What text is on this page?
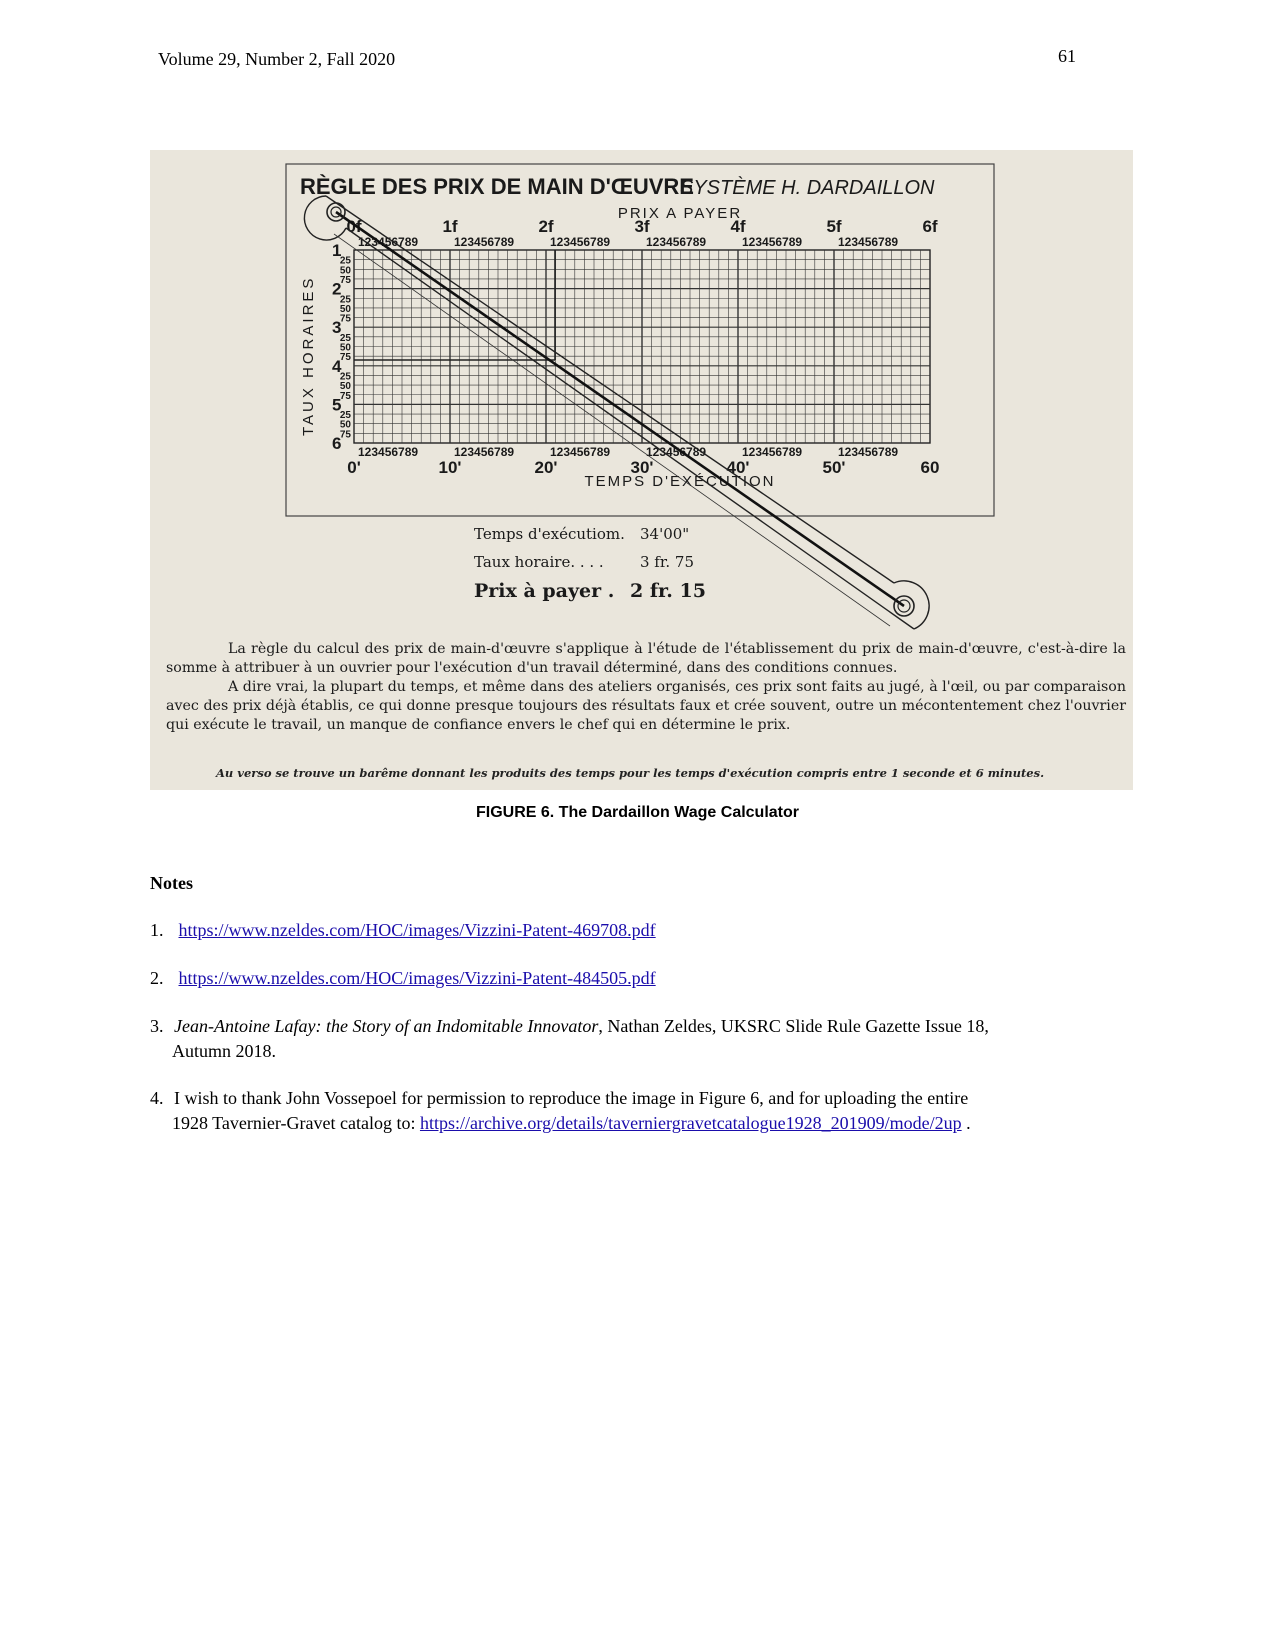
Volume 29, Number 2, Fall 2020	61
RÈGLE DES PRIX DE MAIN D'ŒUVRE
SYSTÈME H. DARDAILLON
PRIX A PAYER
TAUX HORAIRES
TEMPS D'EXÉCUTION
123456789
123456789
123456789
123456789
123456789
123456789
123456789
123456789
123456789
123456789
123456789
123456789
0f	1f	2f	3f	4f	5f	6f
0'	10'	20'	30'	40'	50'	60
1
25
50
75
2
25
50
75
3
25
50
75
4
25
50
75
5
25
50
75
6
Temps d'exécutiom. 34'00"
Taux horaire. . . . 3 fr. 75
Prix à payer . 2 fr. 15
La règle du calcul des prix de main-d'œuvre s'applique à l'étude de l'établissement du prix de main-d'œuvre, c'est-à-dire la somme à attribuer à un ouvrier pour l'exécution d'un travail déterminé, dans des conditions connues.
A dire vrai, la plupart du temps, et même dans des ateliers organisés, ces prix sont faits au jugé, à l'œil, ou par comparaison avec des prix déjà établis, ce qui donne presque toujours des résultats faux et crée souvent, outre un mécontentement chez l'ouvrier qui exécute le travail, un manque de confiance envers le chef qui en détermine le prix.
Au verso se trouve un barême donnant les produits des temps pour les temps d'exécution compris entre 1 seconde et 6 minutes.
FIGURE 6. The Dardaillon Wage Calculator
Notes
1. https://www.nzeldes.com/HOC/images/Vizzini-Patent-469708.pdf
2. https://www.nzeldes.com/HOC/images/Vizzini-Patent-484505.pdf
3. Jean-Antoine Lafay: the Story of an Indomitable Innovator, Nathan Zeldes, UKSRC Slide Rule Gazette Issue 18,
Autumn 2018.
4. I wish to thank John Vossepoel for permission to reproduce the image in Figure 6, and for uploading the entire
1928 Tavernier-Gravet catalog to: https://archive.org/details/taverniergravetcatalogue1928_201909/mode/2up .
